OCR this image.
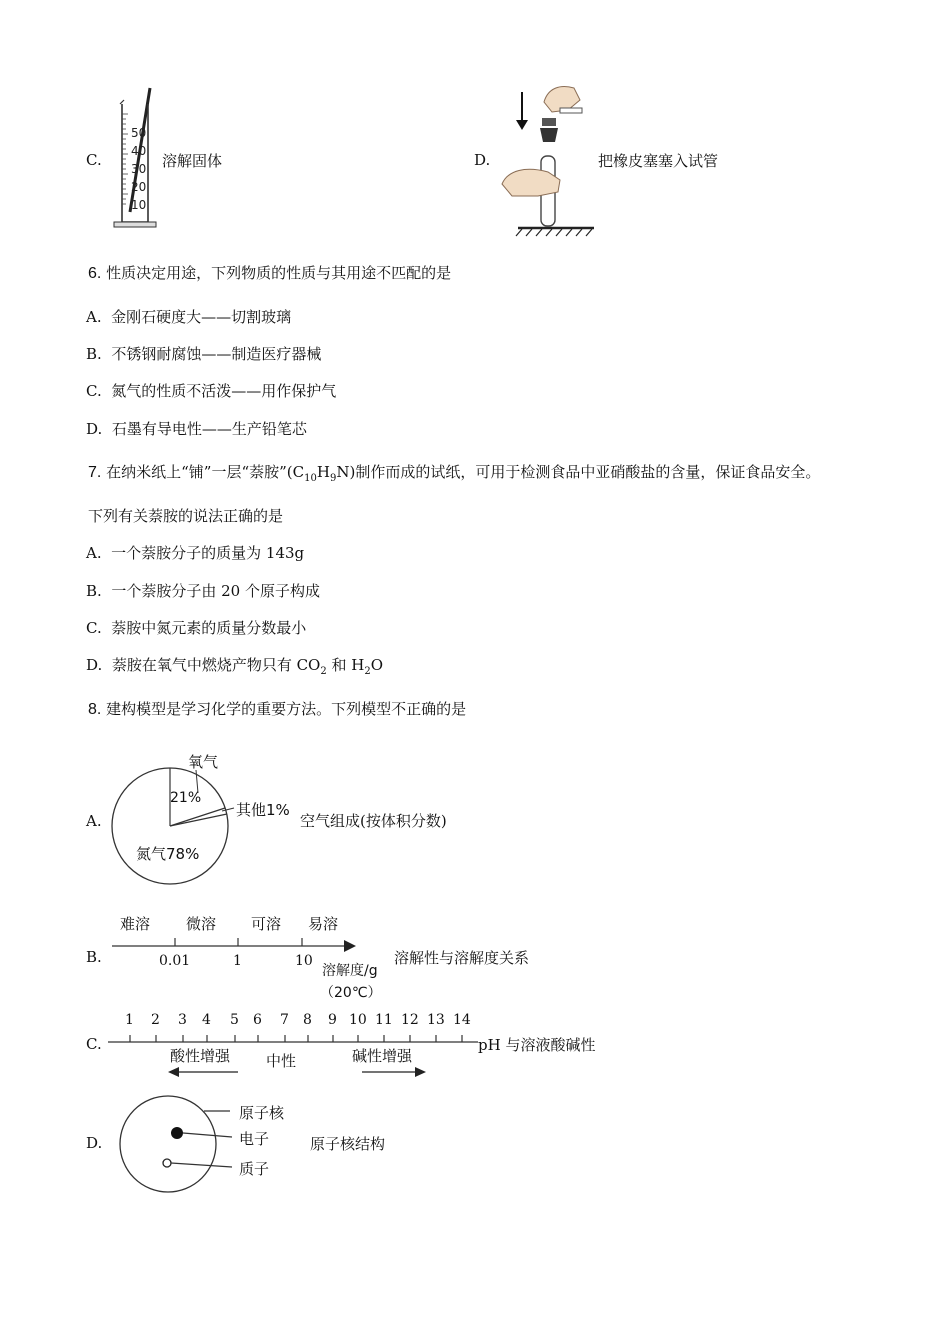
C.
50
40
30
20
10
溶解固体	D.	把橡皮塞塞入试管
6. 性质决定用途，下列物质的性质与其用途不匹配的是
A. 金刚石硬度大——切割玻璃
B. 不锈钢耐腐蚀——制造医疗器械
C. 氮气的性质不活泼——用作保护气
D. 石墨有导电性——生产铅笔芯
7. 在纳米纸上“铺”一层“萘胺$”(C_{10}H_9N)$制作而成的试纸，可用于检测食品中亚硝酸盐的含量，保证食品安全。
下列有关萘胺的说法正确的是
A. 一个萘胺分子的质量为 143g
B. 一个萘胺分子由 20 个原子构成
C. 萘胺中氮元素的质量分数最小
D. 萘胺在氧气中燃烧产物只有 $CO_2$ 和 $H_2O$
8. 建构模型是学习化学的重要方法。下列模型不正确的是
A.
氧气
21%
其他1%
氮气78%
空气组成(按体积分数)
B.
难溶 微溶 可溶 易溶
0.01	1	10
溶解度/g
（20℃）
溶解性与溶解度关系
C.
1 2 3 4 5 6 7 8 9 10 11 12 13 14
酸性增强 中性	碱性增强
pH 与溶液酸碱性
D.
原子核
电子
质子
原子核结构
